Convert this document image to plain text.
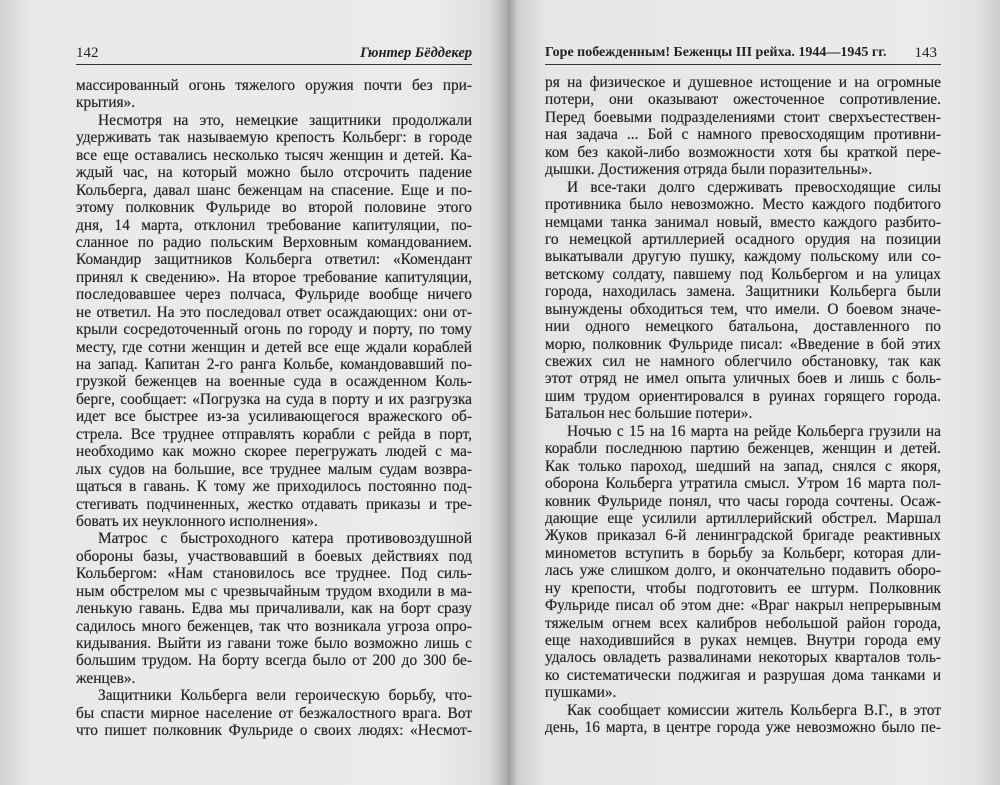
142	Гюнтер Бёддекер
массированный огонь тяжелого оружия почти без при-
крытия».
Несмотря на это, немецкие защитники продолжали
удерживать так называемую крепость Кольберг: в городе
все еще оставались несколько тысяч женщин и детей. Ка-
ждый час, на который можно было отсрочить падение
Кольберга, давал шанс беженцам на спасение. Еще и по-
этому полковник Фульриде во второй половине этого
дня, 14 марта, отклонил требование капитуляции, по-
сланное по радио польским Верховным командованием.
Командир защитников Кольберга ответил: «Комендант
принял к сведению». На второе требование капитуляции,
последовавшее через полчаса, Фульриде вообще ничего
не ответил. На это последовал ответ осаждающих: они от-
крыли сосредоточенный огонь по городу и порту, по тому
месту, где сотни женщин и детей все еще ждали кораблей
на запад. Капитан 2-го ранга Кольбе, командовавший по-
грузкой беженцев на военные суда в осажденном Коль-
берге, сообщает: «Погрузка на суда в порту и их разгрузка
идет все быстрее из-за усиливающегося вражеского об-
стрела. Все труднее отправлять корабли с рейда в порт,
необходимо как можно скорее перегружать людей с ма-
лых судов на большие, все труднее малым судам возвра-
щаться в гавань. К тому же приходилось постоянно под-
стегивать подчиненных, жестко отдавать приказы и тре-
бовать их неуклонного исполнения».
Матрос с быстроходного катера противовоздушной
обороны базы, участвовавший в боевых действиях под
Кольбергом: «Нам становилось все труднее. Под силь-
ным обстрелом мы с чрезвычайным трудом входили в ма-
ленькую гавань. Едва мы причаливали, как на борт сразу
садилось много беженцев, так что возникала угроза опро-
кидывания. Выйти из гавани тоже было возможно лишь с
большим трудом. На борту всегда было от 200 до 300 бе-
женцев».
Защитники Кольберга вели героическую борьбу, что-
бы спасти мирное население от безжалостного врага. Вот
что пишет полковник Фульриде о своих людях: «Несмот-
Горе побежденным! Беженцы III рейха. 1944—1945 гг. 143
ря на физическое и душевное истощение и на огромные
потери, они оказывают ожесточенное сопротивление.
Перед боевыми подразделениями стоит сверхъестествен-
ная задача ... Бой с намного превосходящим противни-
ком без какой-либо возможности хотя бы краткой пере-
дышки. Достижения отряда были поразительны».
И все-таки долго сдерживать превосходящие силы
противника было невозможно. Место каждого подбитого
немцами танка занимал новый, вместо каждого разбито-
го немецкой артиллерией осадного орудия на позиции
выкатывали другую пушку, каждому польскому или со-
ветскому солдату, павшему под Кольбергом и на улицах
города, находилась замена. Защитники Кольберга были
вынуждены обходиться тем, что имели. О боевом значе-
нии одного немецкого батальона, доставленного по
морю, полковник Фульриде писал: «Введение в бой этих
свежих сил не намного облегчило обстановку, так как
этот отряд не имел опыта уличных боев и лишь с боль-
шим трудом ориентировался в руинах горящего города.
Батальон нес большие потери».
Ночью с 15 на 16 марта на рейде Кольберга грузили на
корабли последнюю партию беженцев, женщин и детей.
Как только пароход, шедший на запад, снялся с якоря,
оборона Кольберга утратила смысл. Утром 16 марта пол-
ковник Фульриде понял, что часы города сочтены. Осаж-
дающие еще усилили артиллерийский обстрел. Маршал
Жуков приказал 6-й ленинградской бригаде реактивных
минометов вступить в борьбу за Кольберг, которая дли-
лась уже слишком долго, и окончательно подавить оборо-
ну крепости, чтобы подготовить ее штурм. Полковник
Фульриде писал об этом дне: «Враг накрыл непрерывным
тяжелым огнем всех калибров небольшой район города,
еще находившийся в руках немцев. Внутри города ему
удалось овладеть развалинами некоторых кварталов толь-
ко систематически поджигая и разрушая дома танками и
пушками».
Как сообщает комиссии житель Кольберга В.Г., в этот
день, 16 марта, в центре города уже невозможно было пе-
